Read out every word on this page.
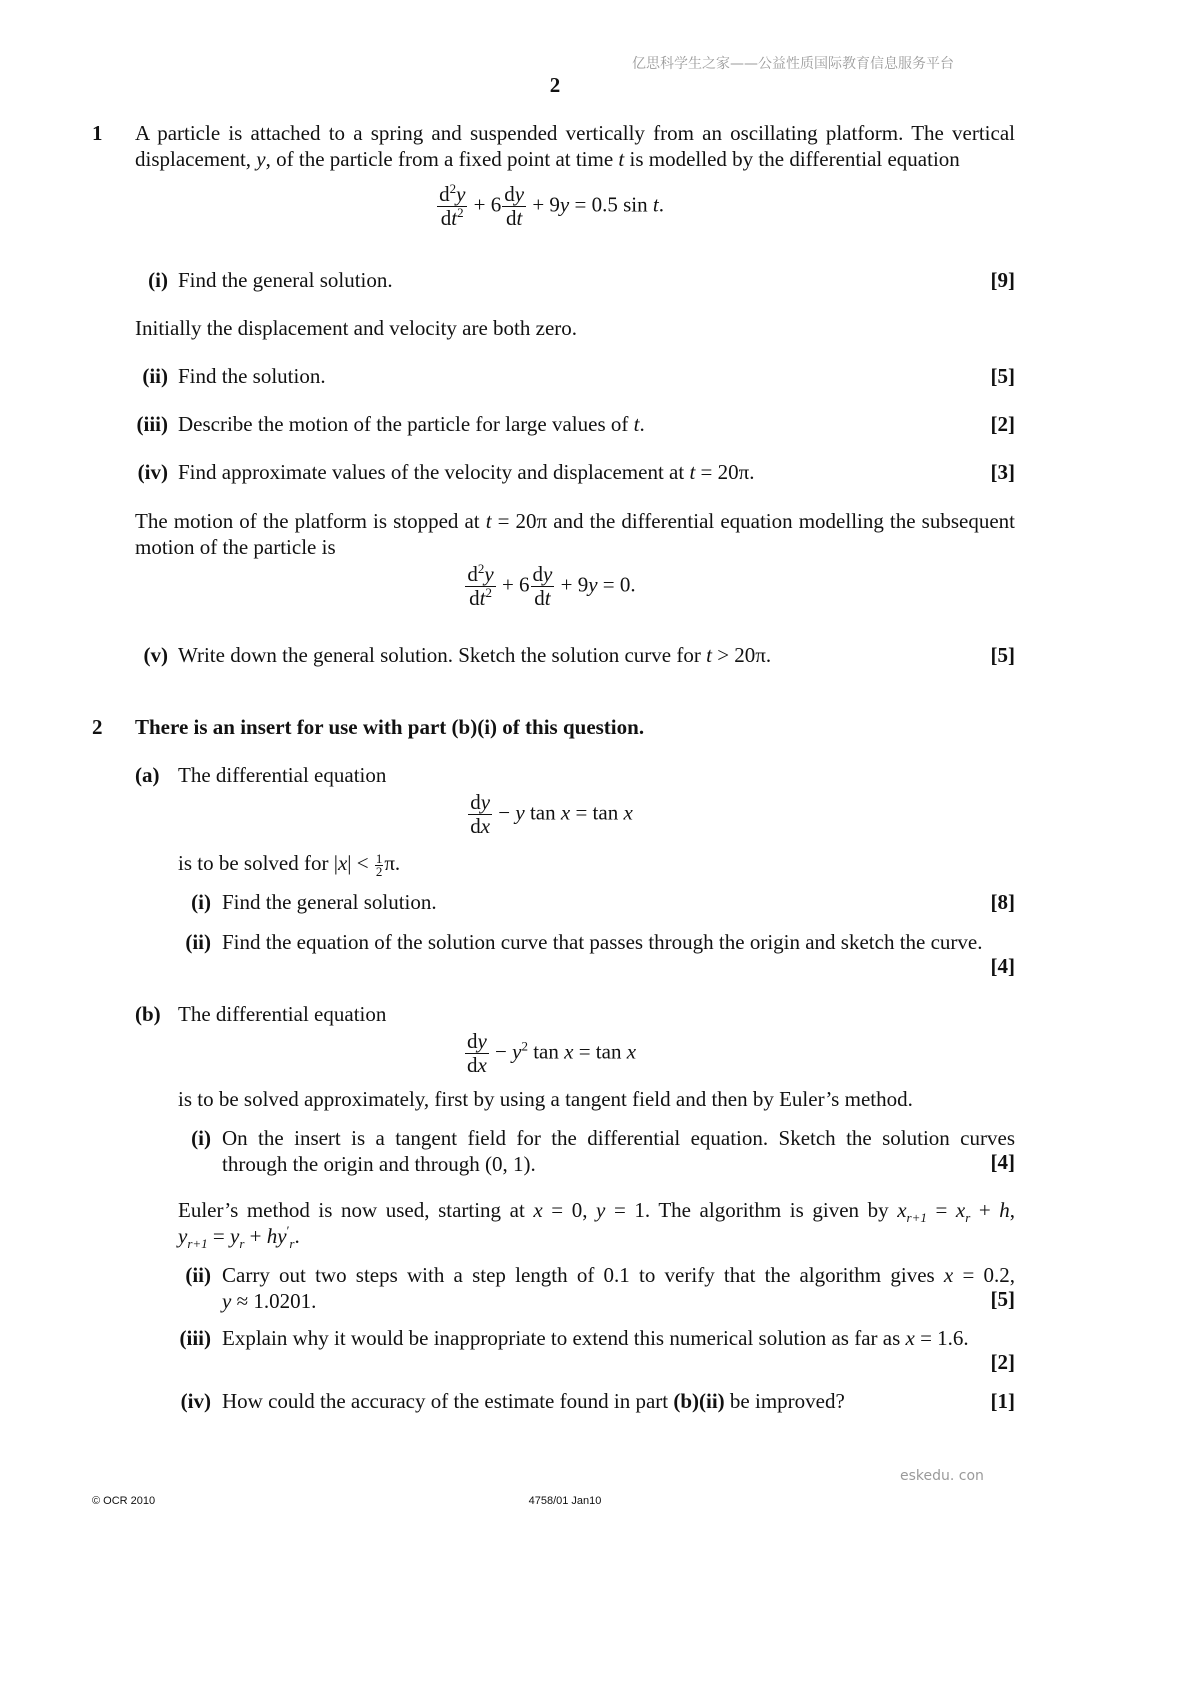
亿思科学生之家——公益性质国际教育信息服务平台
2
1 A particle is attached to a spring and suspended vertically from an oscillating platform. The vertical
displacement, y, of the particle from a fixed point at time t is modelled by the differential equation
$\frac{d^2y}{dt^2} + 6 \frac{dy}{dt} + 9y = 0.5$ sin t.
(i) Find the general solution.	[9]
Initially the displacement and velocity are both zero.
(ii) Find the solution.	[5]
(iii) Describe the motion of the particle for large values of t.	[2]
(iv) Find approximate values of the velocity and displacement at t = 20π.	[3]
The motion of the platform is stopped at t = 20π and the differential equation modelling the subsequent
motion of the particle is
$\frac{d^2y}{dt^2} + 6 \frac{dy}{dt} + 9y = 0$.
(v) Write down the general solution. Sketch the solution curve for t > 20π.	[5]
2 There is an insert for use with part (b)(i) of this question.
(a) The differential equation
$\frac{dy}{dx} - y$ tan x = tan x
is to be solved for $|x| < \frac{1}{2} \pi$.
(i) Find the general solution.	[8]
(ii) Find the equation of the solution curve that passes through the origin and sketch the curve.
[4]
(b) The differential equation
$\frac{dy}{dx} - y^2$ tan x = tan x
is to be solved approximately, first by using a tangent field and then by Euler’s method.
(i) On the insert is a tangent field for the differential equation. Sketch the solution curves
through the origin and through (0, 1).	[4]
Euler’s method is now used, starting at x = 0, y = 1. The algorithm is given by $x_{r+1} = x_r + h$,
$y_{r+1} = y_r + hy'_r$.
(ii) Carry out two steps with a step length of 0.1 to verify that the algorithm gives x = 0.2,
y ≈ 1.0201.	[5]
(iii) Explain why it would be inappropriate to extend this numerical solution as far as x = 1.6.
[2]
(iv) How could the accuracy of the estimate found in part (b)(ii) be improved?	[1]
eskedu. con
© OCR 2010	4758/01 Jan10
